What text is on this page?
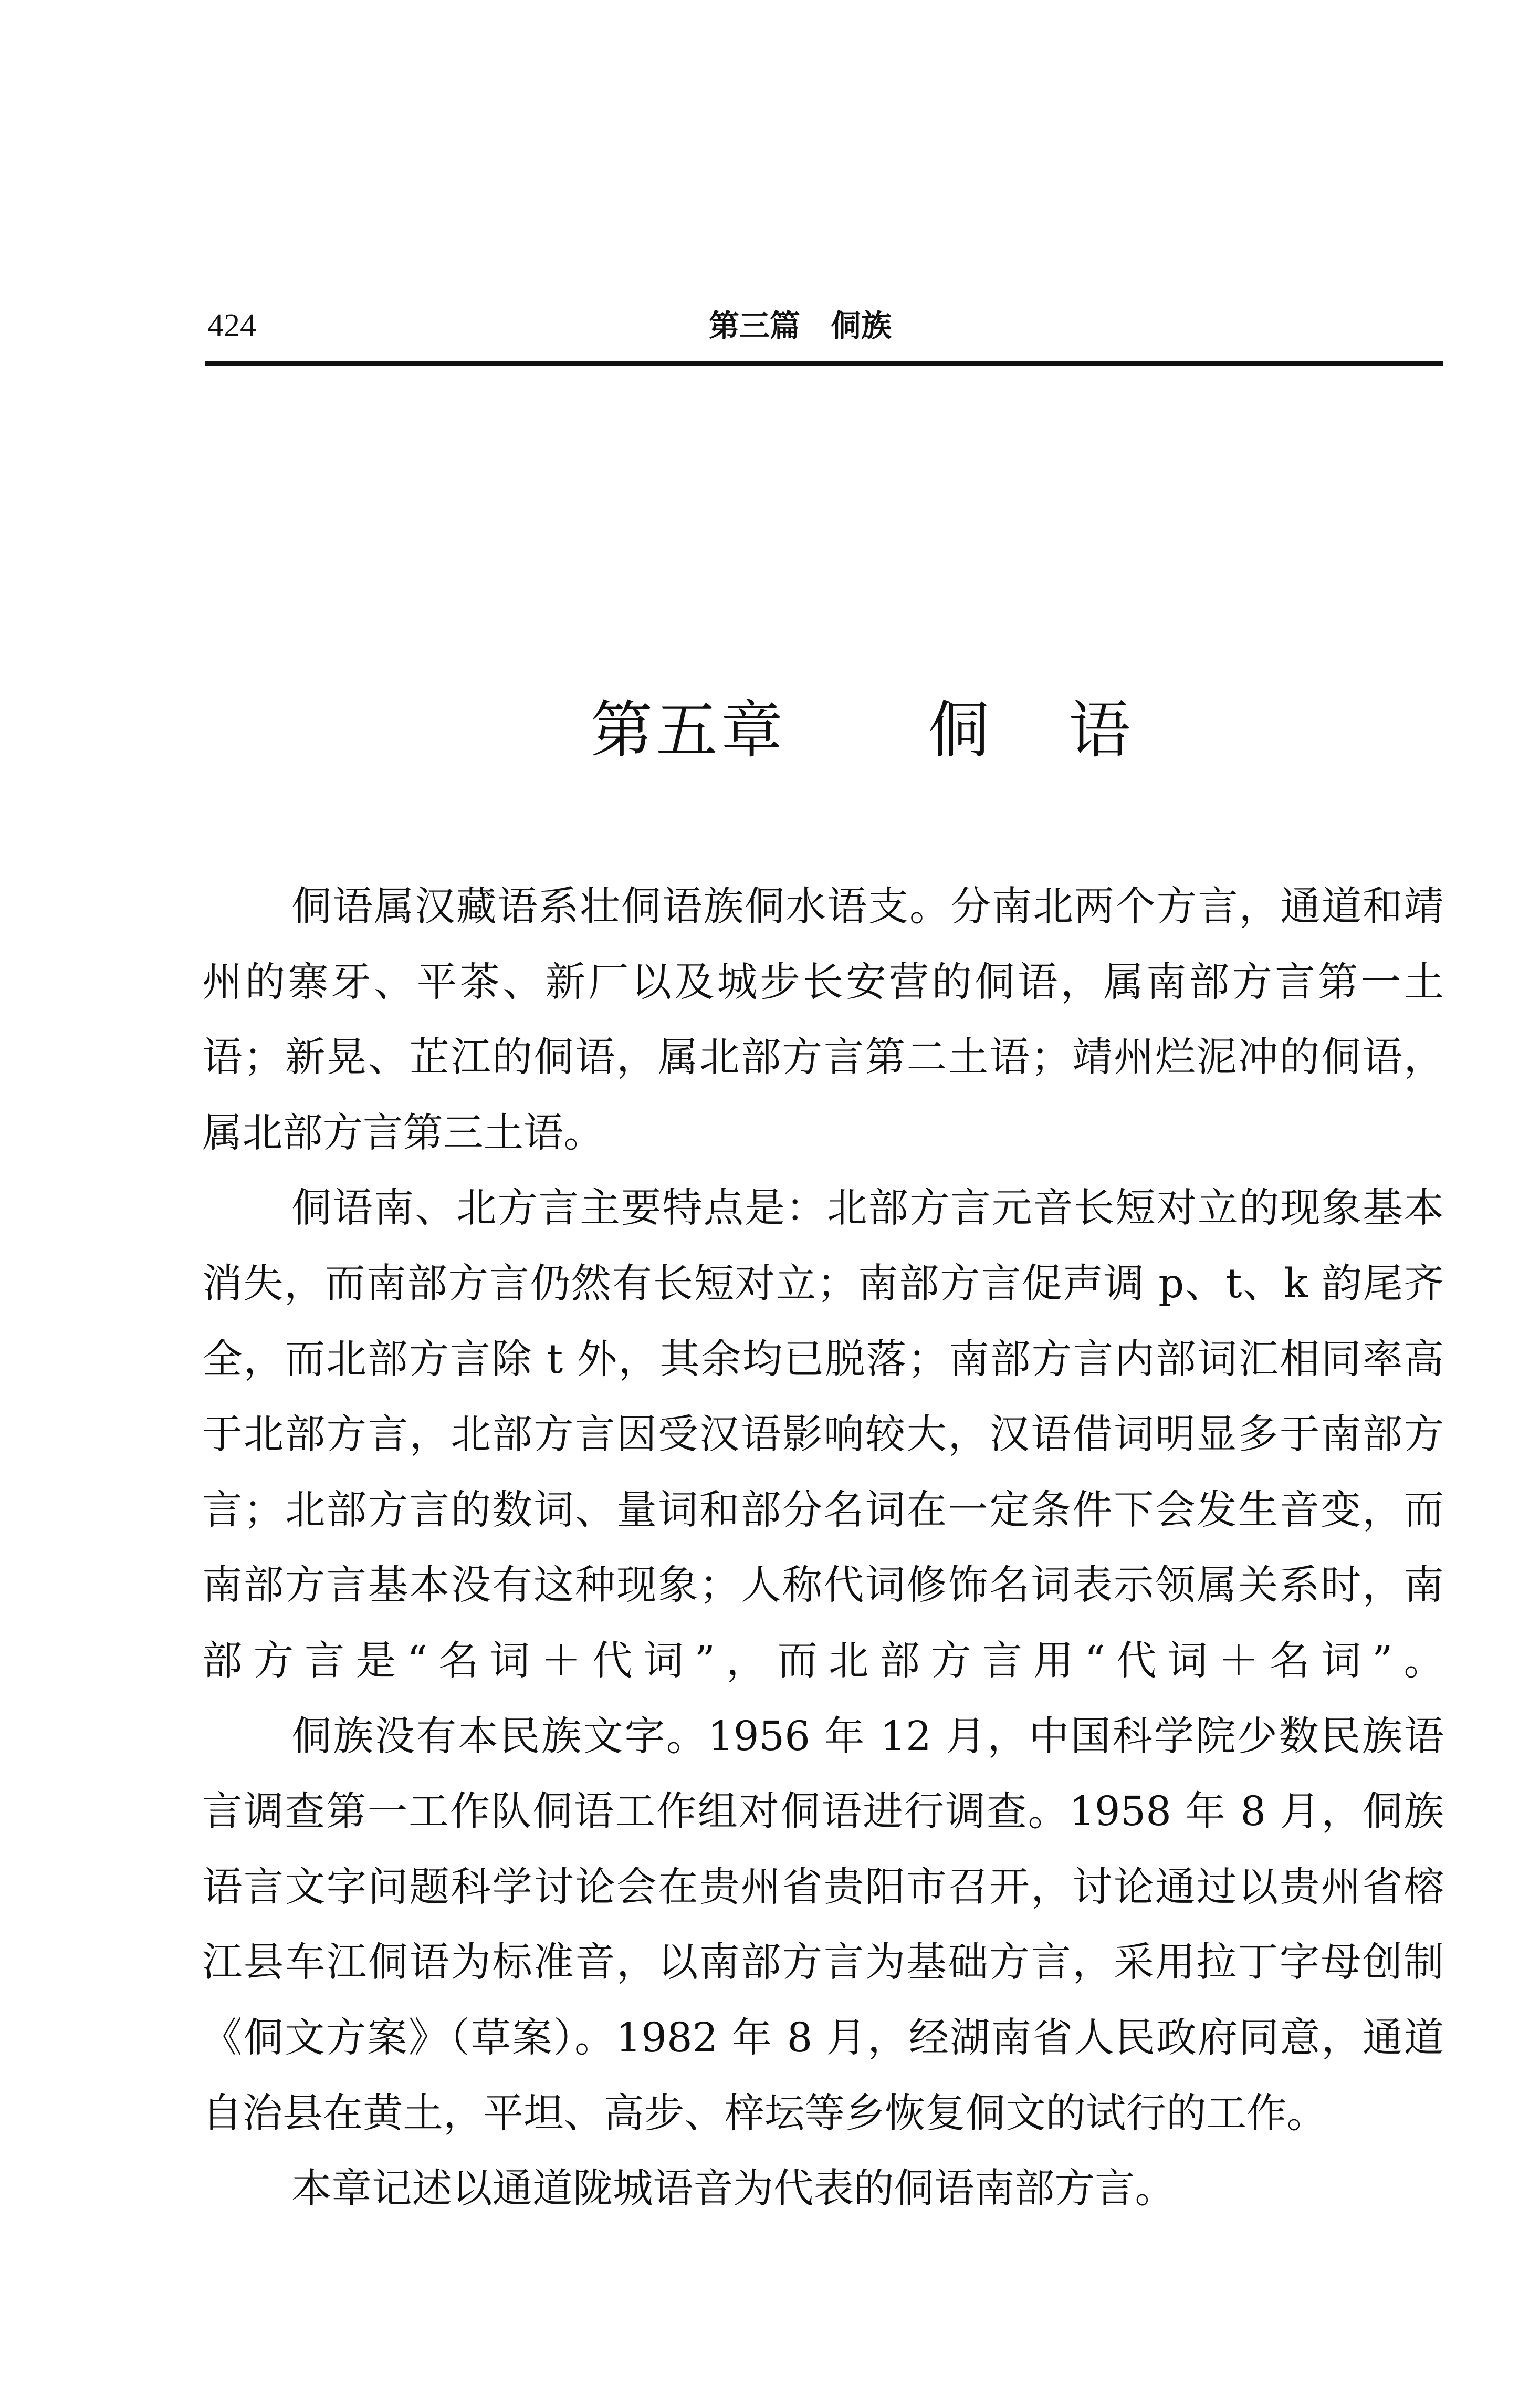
424	第三篇　侗族

第五章 侗语

侗语属汉藏语系壮侗语族侗水语支。分南北两个方言，通道和靖州的寨牙、平茶、新厂以及城步长安营的侗语，属南部方言第一土语；新晃、芷江的侗语，属北部方言第二土语；靖州烂泥冲的侗语，属北部方言第三土语。

侗语南、北方言主要特点是：北部方言元音长短对立的现象基本消失，而南部方言仍然有长短对立；南部方言促声调 p、t、k 韵尾齐全，而北部方言除 t 外，其余均已脱落；南部方言内部词汇相同率高于北部方言，北部方言因受汉语影响较大，汉语借词明显多于南部方言；北部方言的数词、量词和部分名词在一定条件下会发生音变，而南部方言基本没有这种现象；人称代词修饰名词表示领属关系时，南部方言是“名词＋代词”，而北部方言用“代词＋名词”。

侗族没有本民族文字。1956 年 12 月，中国科学院少数民族语言调查第一工作队侗语工作组对侗语进行调查。1958 年 8 月，侗族语言文字问题科学讨论会在贵州省贵阳市召开，讨论通过以贵州省榕江县车江侗语为标准音，以南部方言为基础方言，采用拉丁字母创制《侗文方案》（草案）。1982 年 8 月，经湖南省人民政府同意，通道自治县在黄土，平坦、高步、梓坛等乡恢复侗文的试行的工作。

本章记述以通道陇城语音为代表的侗语南部方言。
